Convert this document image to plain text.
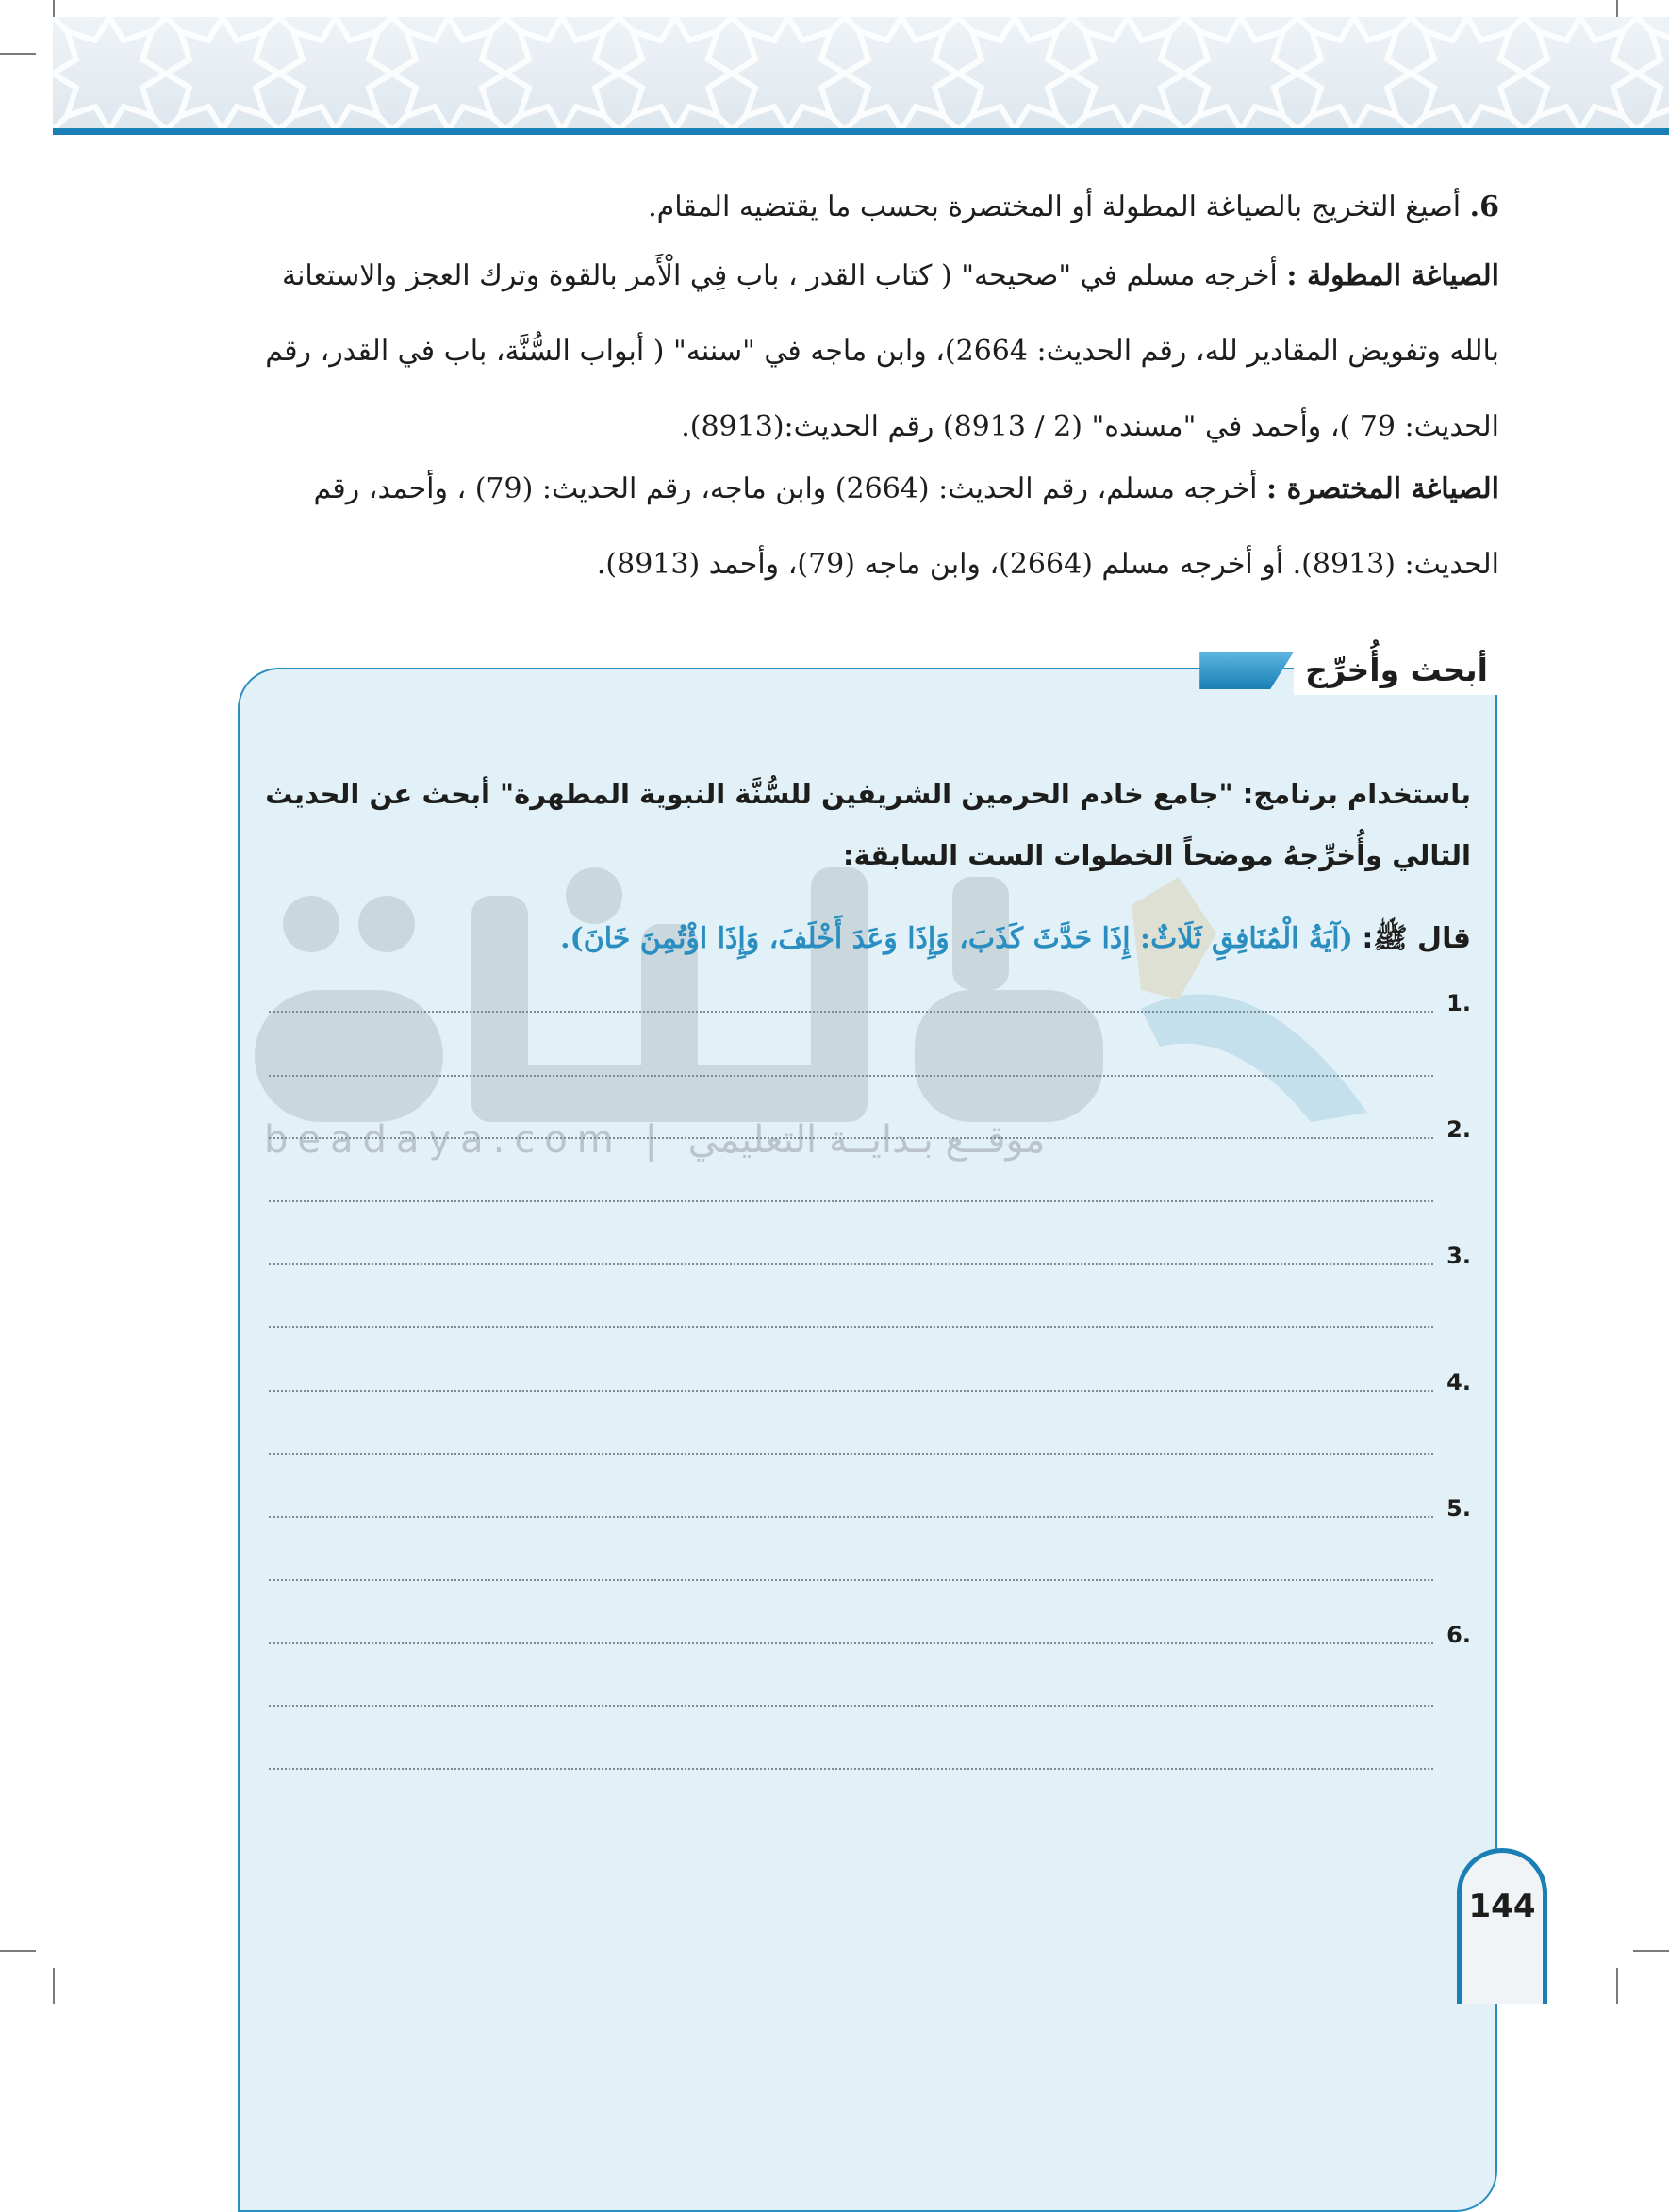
6. أصيغ التخريج بالصياغة المطولة أو المختصرة بحسب ما يقتضيه المقام.
الصياغة المطولة : أخرجه مسلم في "صحيحه" ( كتاب القدر ، باب فِي الْأَمر بالقوة وترك العجز والاستعانة بالله وتفويض المقادير لله، رقم الحديث: 2664)، وابن ماجه في "سننه" ( أبواب السُّنَّة، باب في القدر، رقم الحديث: 79 )، وأحمد في "مسنده" (2 / 8913) رقم الحديث:(8913).
الصياغة المختصرة : أخرجه مسلم، رقم الحديث: (2664) وابن ماجه، رقم الحديث: (79) ، وأحمد، رقم الحديث: (8913). أو أخرجه مسلم (2664)، وابن ماجه (79)، وأحمد (8913).
أبحث وأُخرِّج
beadaya.com | موقــع بـدايــة التعليمي
باستخدام برنامج: "جامع خادم الحرمين الشريفين للسُّنَّة النبوية المطهرة" أبحث عن الحديث التالي وأُخرِّجهُ موضحاً الخطوات الست السابقة:
قال ﷺ: (آيَةُ الْمُنَافِقِ ثَلَاثٌ: إِذَا حَدَّثَ كَذَبَ، وَإِذَا وَعَدَ أَخْلَفَ، وَإِذَا اؤْتُمِنَ خَانَ).
1.
2.
3.
4.
5.
6.
144
